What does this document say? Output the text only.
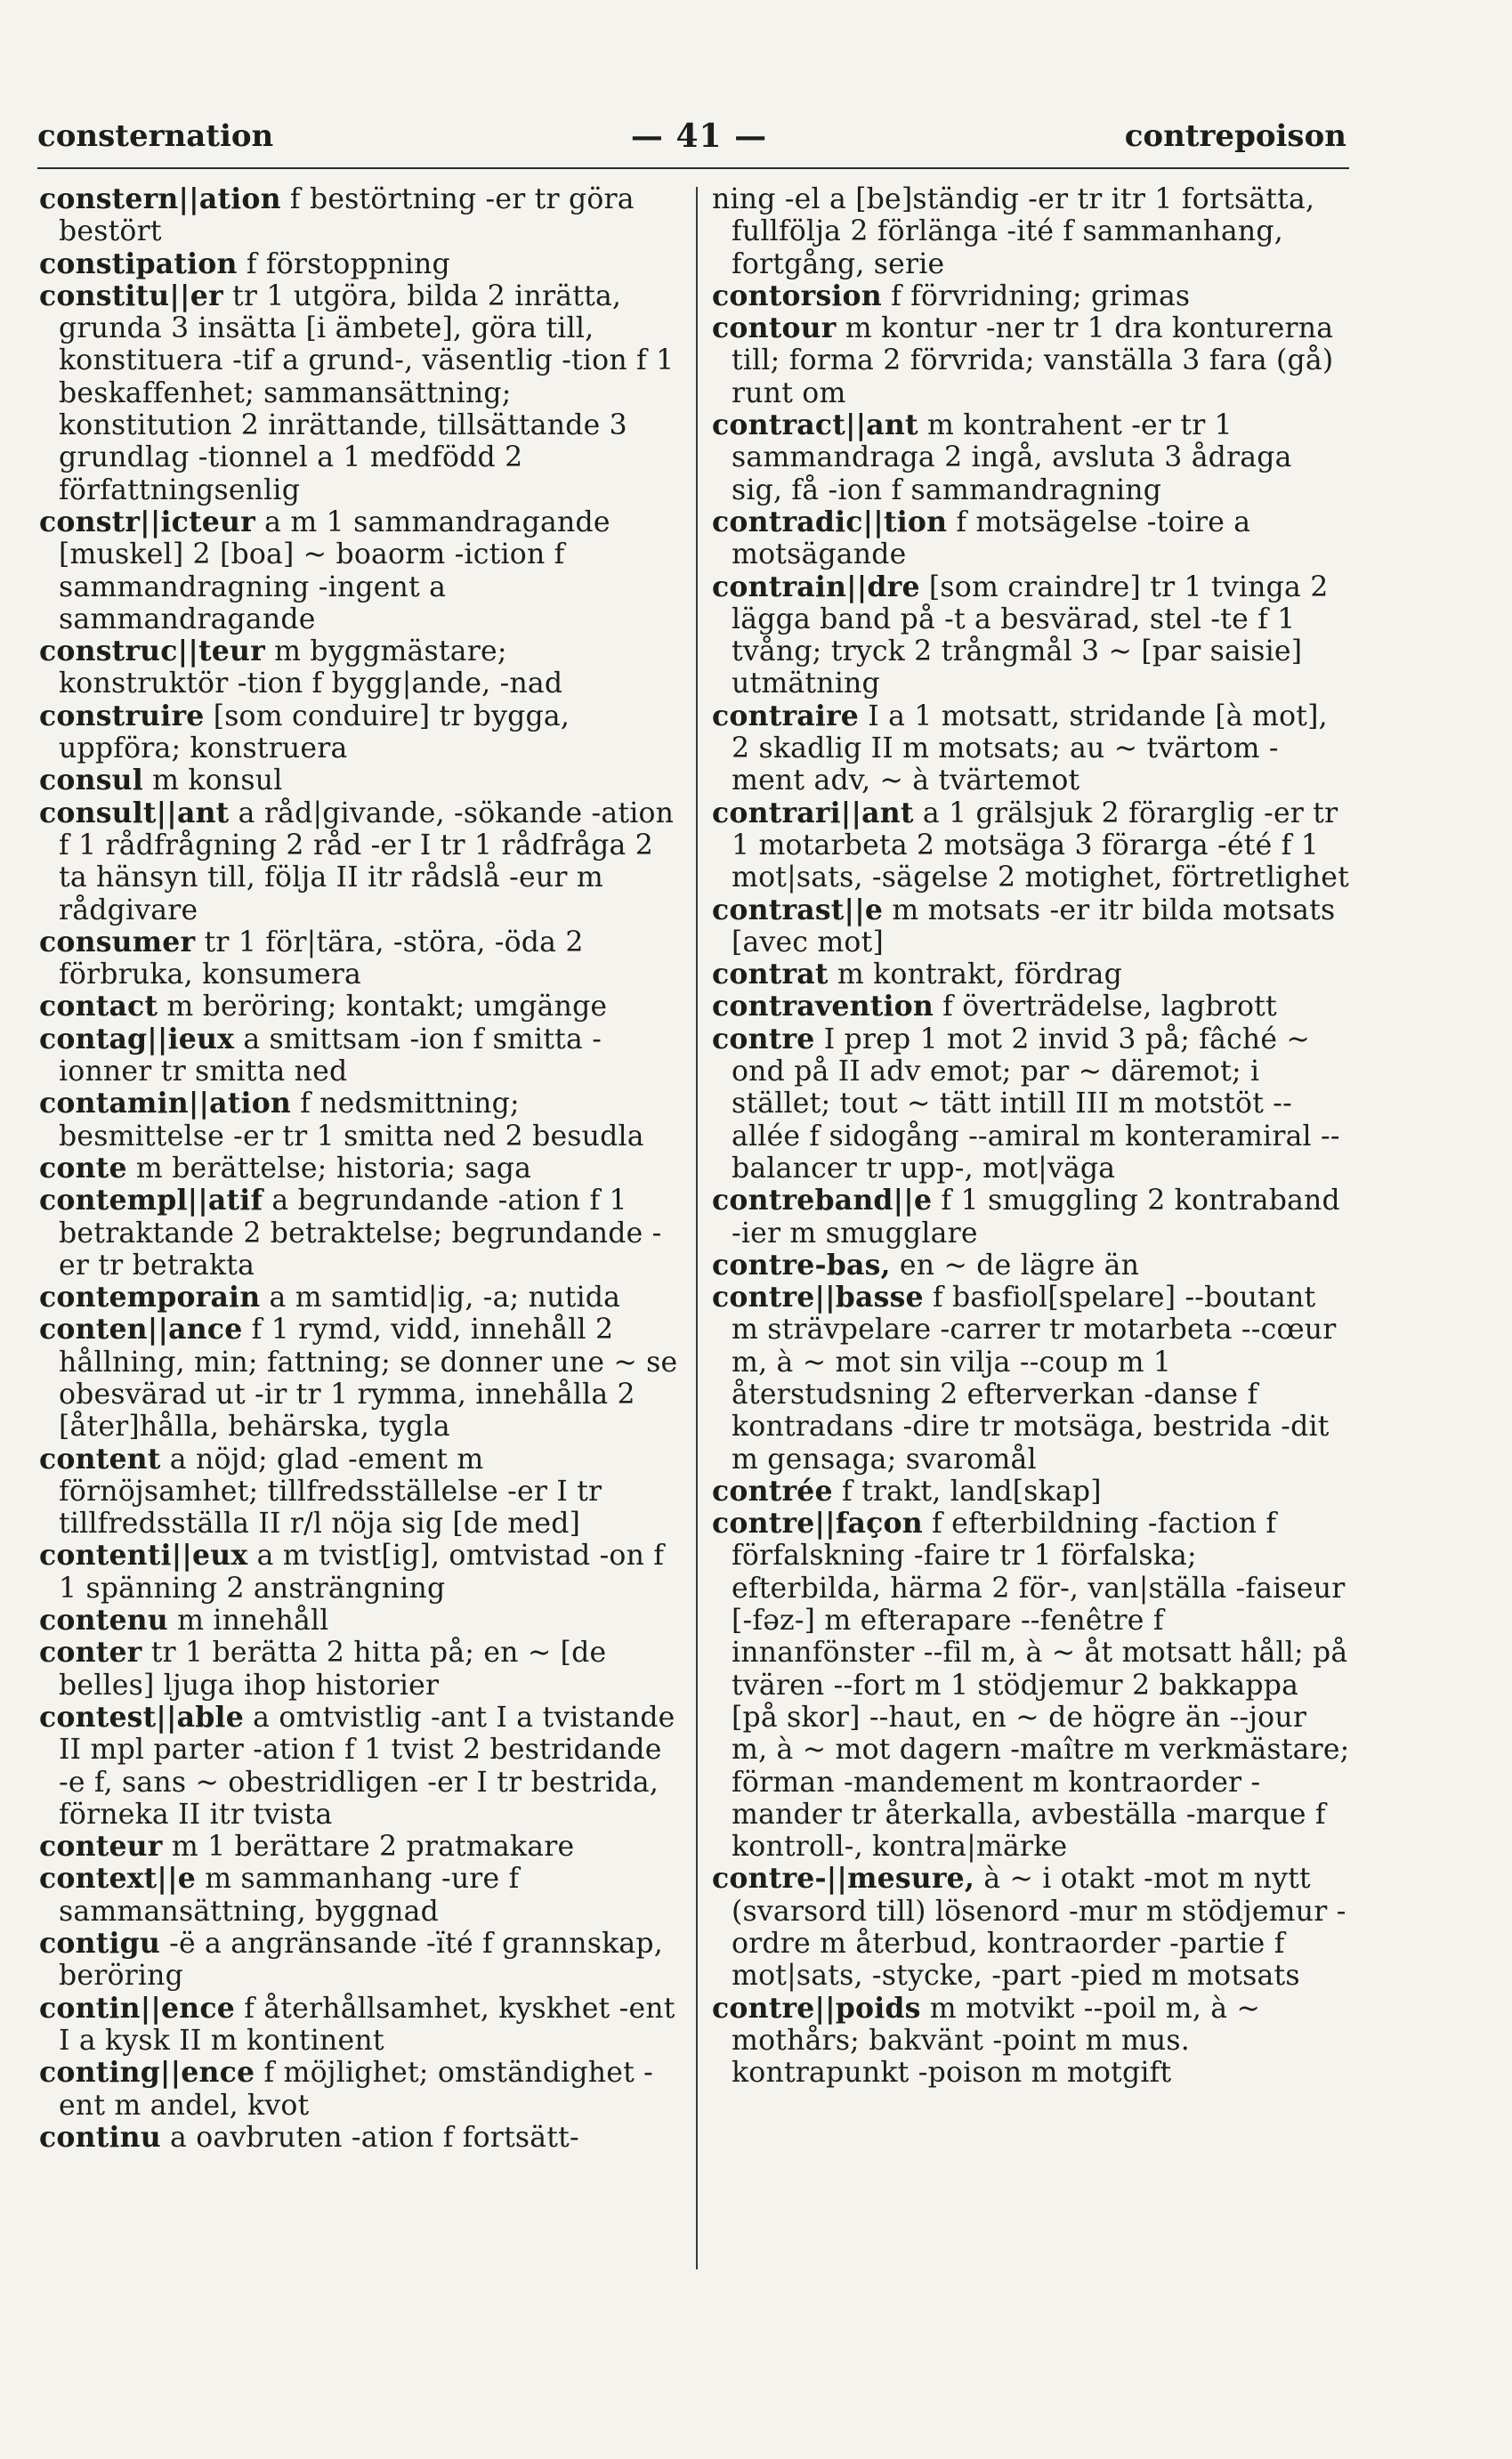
consternation	— 41 —	contrepoison

constern||ation f bestörtning -er tr göra bestört

constipation f förstoppning

constitu||er tr 1 utgöra, bilda 2 inrätta, grunda 3 insätta [i ämbete], göra till, konstituera -tif a grund-, väsentlig -tion f 1 beskaffenhet; sammansättning; konstitution 2 inrättande, tillsättande 3 grundlag -tionnel a 1 medfödd 2 författningsenlig

constr||icteur a m 1 sammandragande [muskel] 2 [boa] ~ boaorm -iction f sammandragning -ingent a sammandragande

construc||teur m byggmästare; konstruktör -tion f bygg|ande, -nad

construire [som conduire] tr bygga, uppföra; konstruera

consul m konsul

consult||ant a råd|givande, -sökande -ation f 1 rådfrågning 2 råd -er I tr 1 rådfråga 2 ta hänsyn till, följa II itr rådslå -eur m rådgivare

consumer tr 1 för|tära, -störa, -öda 2 förbruka, konsumera

contact m beröring; kontakt; umgänge

contag||ieux a smittsam -ion f smitta -ionner tr smitta ned

contamin||ation f nedsmittning; besmittelse -er tr 1 smitta ned 2 besudla

conte m berättelse; historia; saga

contempl||atif a begrundande -ation f 1 betraktande 2 betraktelse; begrundande -er tr betrakta

contemporain a m samtid|ig, -a; nutida

conten||ance f 1 rymd, vidd, innehåll 2 hållning, min; fattning; se donner une ~ se obesvärad ut -ir tr 1 rymma, innehålla 2 [åter]hålla, behärska, tygla

content a nöjd; glad -ement m förnöjsamhet; tillfredsställelse -er I tr tillfredsställa II r/l nöja sig [de med]

contenti||eux a m tvist[ig], omtvistad -on f 1 spänning 2 ansträngning

contenu m innehåll

conter tr 1 berätta 2 hitta på; en ~ [de belles] ljuga ihop historier

contest||able a omtvistlig -ant I a tvistande II mpl parter -ation f 1 tvist 2 bestridande -e f, sans ~ obestridligen -er I tr bestrida, förneka II itr tvista

conteur m 1 berättare 2 pratmakare

context||e m sammanhang -ure f sammansättning, byggnad

contigu -ë a angränsande -ïté f grannskap, beröring

contin||ence f återhållsamhet, kyskhet -ent I a kysk II m kontinent

conting||ence f möjlighet; omständighet -ent m andel, kvot

continu a oavbruten -ation f fortsätt-

ning -el a [be]ständig -er tr itr 1 fortsätta, fullfölja 2 förlänga -ité f sammanhang, fortgång, serie

contorsion f förvridning; grimas

contour m kontur -ner tr 1 dra konturerna till; forma 2 förvrida; vanställa 3 fara (gå) runt om

contract||ant m kontrahent -er tr 1 sammandraga 2 ingå, avsluta 3 ådraga sig, få -ion f sammandragning

contradic||tion f motsägelse -toire a motsägande

contrain||dre [som craindre] tr 1 tvinga 2 lägga band på -t a besvärad, stel -te f 1 tvång; tryck 2 trångmål 3 ~ [par saisie] utmätning

contraire I a 1 motsatt, stridande [à mot], 2 skadlig II m motsats; au ~ tvärtom -ment adv, ~ à tvärtemot

contrari||ant a 1 grälsjuk 2 förarglig -er tr 1 motarbeta 2 motsäga 3 förarga -été f 1 mot|sats, -sägelse 2 motighet, förtretlighet

contrast||e m motsats -er itr bilda motsats [avec mot]

contrat m kontrakt, fördrag

contravention f överträdelse, lagbrott

contre I prep 1 mot 2 invid 3 på; fâché ~ ond på II adv emot; par ~ däremot; i stället; tout ~ tätt intill III m motstöt --allée f sidogång --amiral m konteramiral --balancer tr upp-, mot|väga

contreband||e f 1 smuggling 2 kontraband -ier m smugglare

contre-bas, en ~ de lägre än

contre||basse f basfiol[spelare] --boutant m strävpelare -carrer tr motarbeta --cœur m, à ~ mot sin vilja --coup m 1 återstudsning 2 efterverkan -danse f kontradans -dire tr motsäga, bestrida -dit m gensaga; svaromål

contrée f trakt, land[skap]

contre||façon f efterbildning -faction f förfalskning -faire tr 1 förfalska; efterbilda, härma 2 för-, van|ställa -faiseur [-fəz-] m efterapare --fenêtre f innanfönster --fil m, à ~ åt motsatt håll; på tvären --fort m 1 stödjemur 2 bakkappa [på skor] --haut, en ~ de högre än --jour m, à ~ mot dagern -maître m verkmästare; förman -mandement m kontraorder -mander tr återkalla, avbeställa -marque f kontroll-, kontra|märke

contre-||mesure, à ~ i otakt -mot m nytt (svarsord till) lösenord -mur m stödjemur -ordre m återbud, kontraorder -partie f mot|sats, -stycke, -part -pied m motsats

contre||poids m motvikt --poil m, à ~ mothårs; bakvänt -point m mus. kontrapunkt -poison m motgift
